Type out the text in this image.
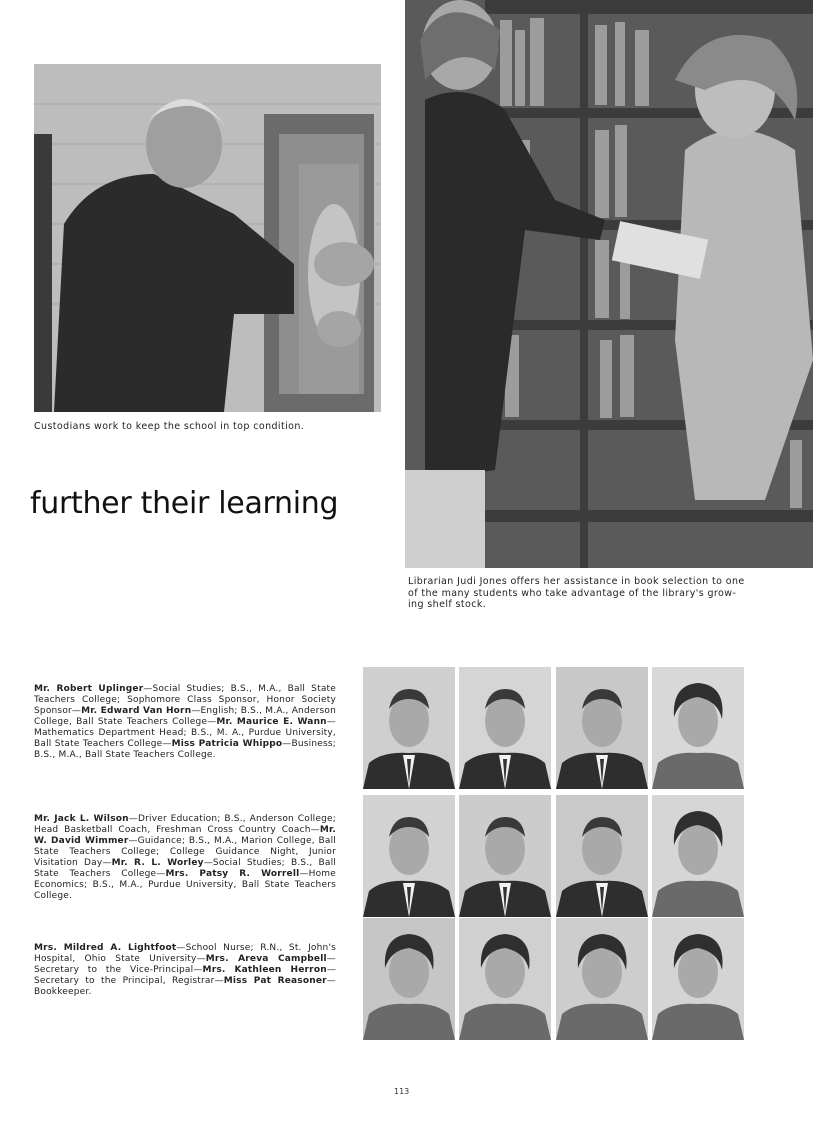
Custodians work to keep the school in top condition.
Librarian Judi Jones offers her assistance in book selection to one of the many students who take advantage of the library's grow-ing shelf stock.
further their learning
Mr. Robert Uplinger—Social Studies; B.S., M.A., Ball State Teachers College; Sophomore Class Sponsor, Honor Society Sponsor—Mr. Edward Van Horn—English; B.S., M.A., Anderson College, Ball State Teachers College—Mr. Maurice E. Wann—Mathematics Department Head; B.S., M. A., Purdue University, Ball State Teachers College—Miss Patricia Whippo—Business; B.S., M.A., Ball State Teachers College.
Mr. Jack L. Wilson—Driver Education; B.S., Anderson College; Head Basketball Coach, Freshman Cross Country Coach—Mr. W. David Wimmer—Guidance; B.S., M.A., Marion College, Ball State Teachers College; College Guidance Night, Junior Visitation Day—Mr. R. L. Worley—Social Studies; B.S., Ball State Teachers College—Mrs. Patsy R. Worrell—Home Economics; B.S., M.A., Purdue University, Ball State Teachers College.
Mrs. Mildred A. Lightfoot—School Nurse; R.N., St. John's Hospital, Ohio State University—Mrs. Areva Campbell—Secretary to the Vice-Principal—Mrs. Kathleen Herron—Secretary to the Principal, Registrar—Miss Pat Reasoner—Bookkeeper.
113
